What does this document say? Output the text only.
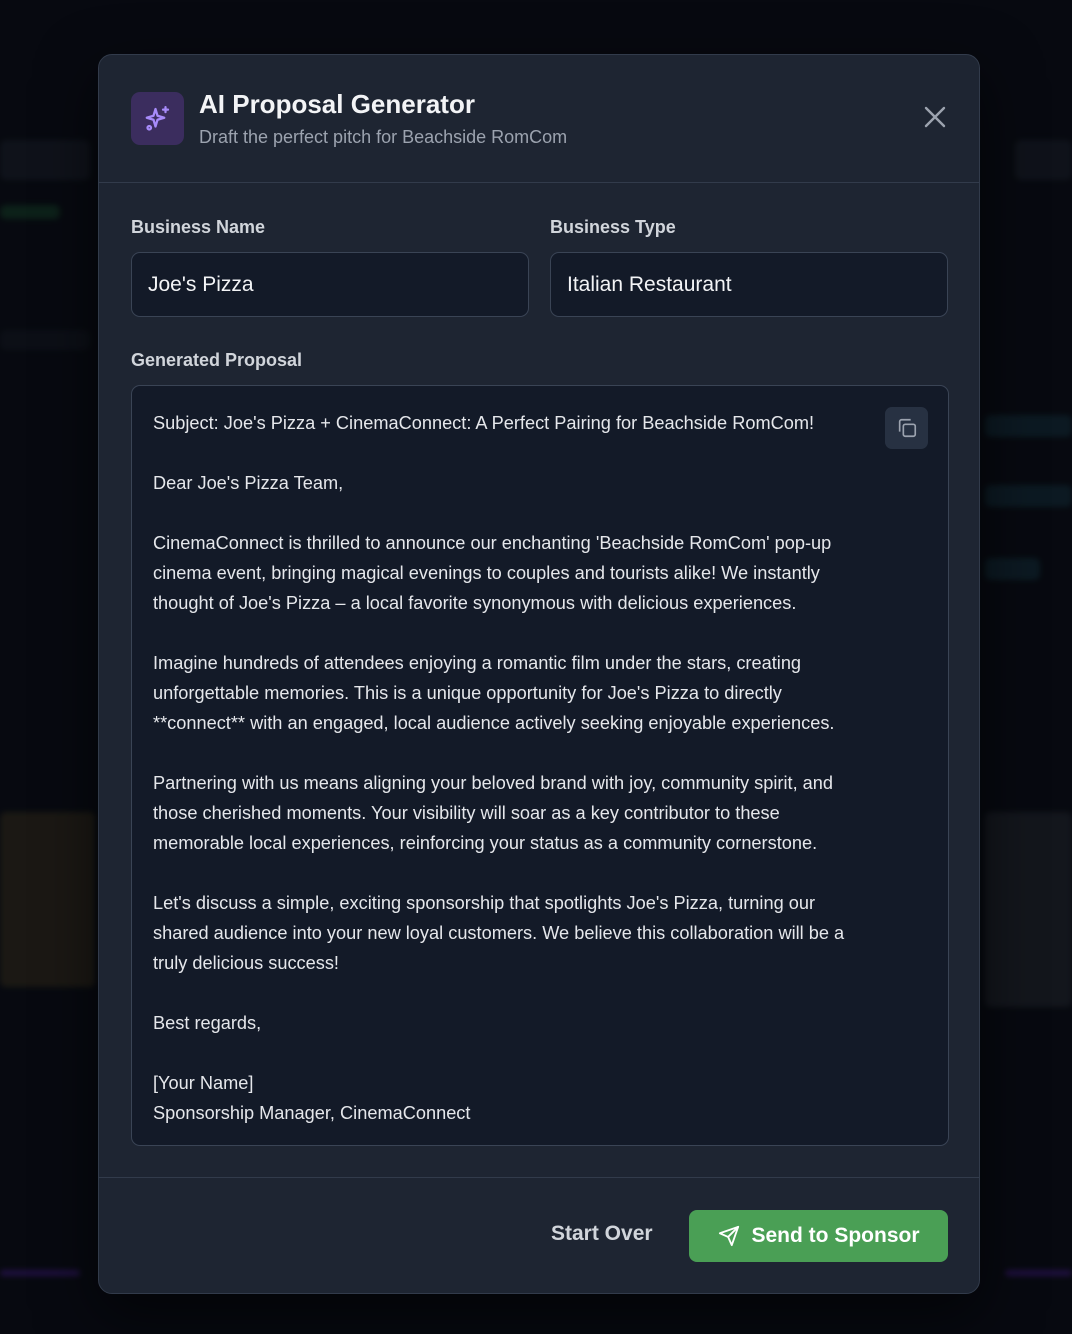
AI Proposal Generator
Draft the perfect pitch for Beachside RomCom
Business Name
Joe's Pizza
Business Type
Italian Restaurant
Generated Proposal
Subject: Joe's Pizza + CinemaConnect: A Perfect Pairing for Beachside RomCom!
Dear Joe's Pizza Team,
CinemaConnect is thrilled to announce our enchanting 'Beachside RomCom' pop-up
cinema event, bringing magical evenings to couples and tourists alike! We instantly
thought of Joe's Pizza – a local favorite synonymous with delicious experiences.
Imagine hundreds of attendees enjoying a romantic film under the stars, creating
unforgettable memories. This is a unique opportunity for Joe's Pizza to directly
**connect** with an engaged, local audience actively seeking enjoyable experiences.
Partnering with us means aligning your beloved brand with joy, community spirit, and
those cherished moments. Your visibility will soar as a key contributor to these
memorable local experiences, reinforcing your status as a community cornerstone.
Let's discuss a simple, exciting sponsorship that spotlights Joe's Pizza, turning our
shared audience into your new loyal customers. We believe this collaboration will be a
truly delicious success!
Best regards,
[Your Name]
Sponsorship Manager, CinemaConnect
Start Over	Send to Sponsor
